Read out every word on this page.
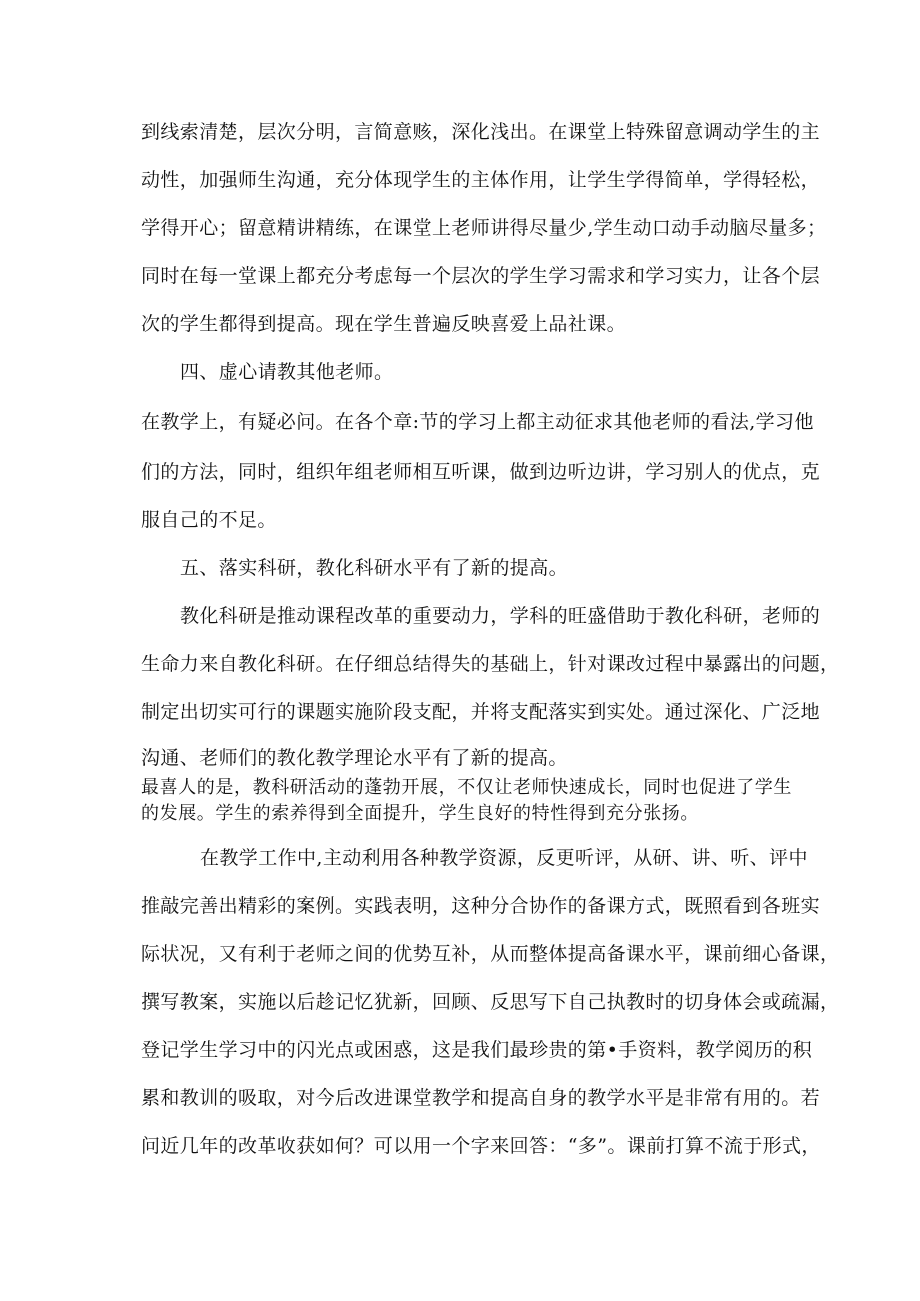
到线索清楚，层次分明，言简意赅，深化浅出。在课堂上特殊留意调动学生的主
动性，加强师生沟通，充分体现学生的主体作用，让学生学得简单，学得轻松，
学得开心；留意精讲精练，在课堂上老师讲得尽量少,学生动口动手动脑尽量多；
同时在每一堂课上都充分考虑每一个层次的学生学习需求和学习实力，让各个层
次的学生都得到提高。现在学生普遍反映喜爱上品社课。
四、虚心请教其他老师。
在教学上，有疑必问。在各个章:节的学习上都主动征求其他老师的看法,学习他
们的方法，同时，组织年组老师相互听课，做到边听边讲，学习别人的优点，克
服自己的不足。
五、落实科研，教化科研水平有了新的提高。
教化科研是推动课程改革的重要动力，学科的旺盛借助于教化科研，老师的
生命力来自教化科研。在仔细总结得失的基础上，针对课改过程中暴露出的问题，
制定出切实可行的课题实施阶段支配，并将支配落实到实处。通过深化、广泛地
沟通、老师们的教化教学理论水平有了新的提高。
最喜人的是，教科研活动的蓬勃开展，不仅让老师快速成长，同时也促进了学生
的发展。学生的索养得到全面提升，学生良好的特性得到充分张扬。
在教学工作中,主动利用各种教学资源，反更听评，从研、讲、听、评中
推敲完善出精彩的案例。实践表明，这种分合协作的备课方式，既照看到各班实
际状况，又有利于老师之间的优势互补，从而整体提高备课水平，课前细心备课，
撰写教案，实施以后趁记忆犹新，回顾、反思写下自己执教时的切身体会或疏漏，
登记学生学习中的闪光点或困惑，这是我们最珍贵的第•手资料，教学阅历的积
累和教训的吸取，对今后改进课堂教学和提高自身的教学水平是非常有用的。若
问近几年的改革收获如何？可以用一个字来回答：“多”。课前打算不流于形式，
